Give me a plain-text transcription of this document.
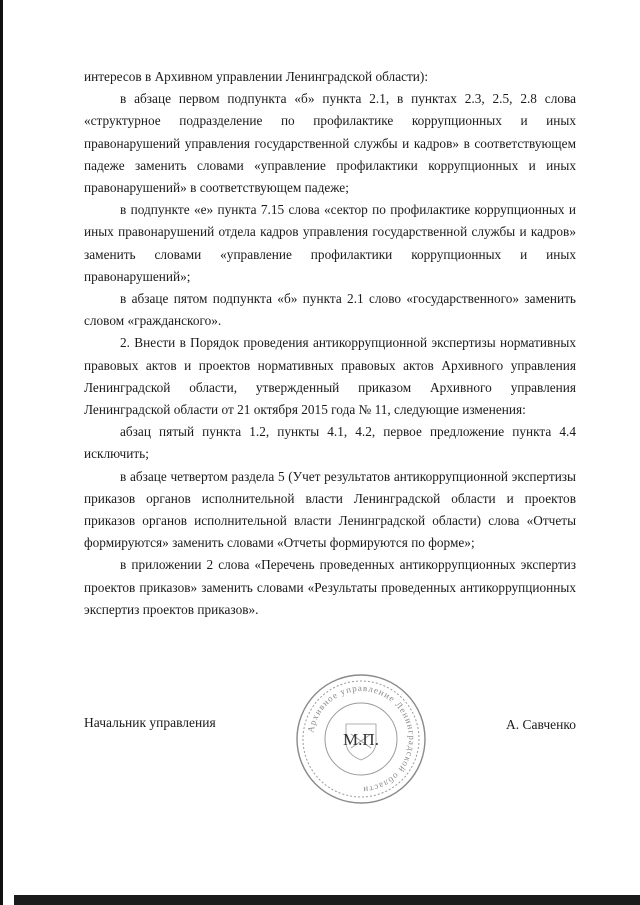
интересов в Архивном управлении Ленинградской области):

в абзаце первом подпункта «б» пункта 2.1, в пунктах 2.3, 2.5, 2.8 слова «структурное подразделение по профилактике коррупционных и иных правонарушений управления государственной службы и кадров» в соответствующем падеже заменить словами «управление профилактики коррупционных и иных правонарушений» в соответствующем падеже;

в подпункте «е» пункта 7.15 слова «сектор по профилактике коррупционных и иных правонарушений отдела кадров управления государственной службы и кадров» заменить словами «управление профилактики коррупционных и иных правонарушений»;

в абзаце пятом подпункта «б» пункта 2.1 слово «государственного» заменить словом «гражданского».

2. Внести в Порядок проведения антикоррупционной экспертизы нормативных правовых актов и проектов нормативных правовых актов Архивного управления Ленинградской области, утвержденный приказом Архивного управления Ленинградской области от 21 октября 2015 года № 11, следующие изменения:

абзац пятый пункта 1.2, пункты 4.1, 4.2, первое предложение пункта 4.4 исключить;

в абзаце четвертом раздела 5 (Учет результатов антикоррупционной экспертизы приказов органов исполнительной власти Ленинградской области и проектов приказов органов исполнительной власти Ленинградской области) слова «Отчеты формируются» заменить словами «Отчеты формируются по форме»;

в приложении 2 слова «Перечень проведенных антикоррупционных экспертиз проектов приказов» заменить словами «Результаты проведенных антикоррупционных экспертиз проектов приказов».

Начальник управления	Архивное управление Ленинградской области
М.П.
А. Савченко
